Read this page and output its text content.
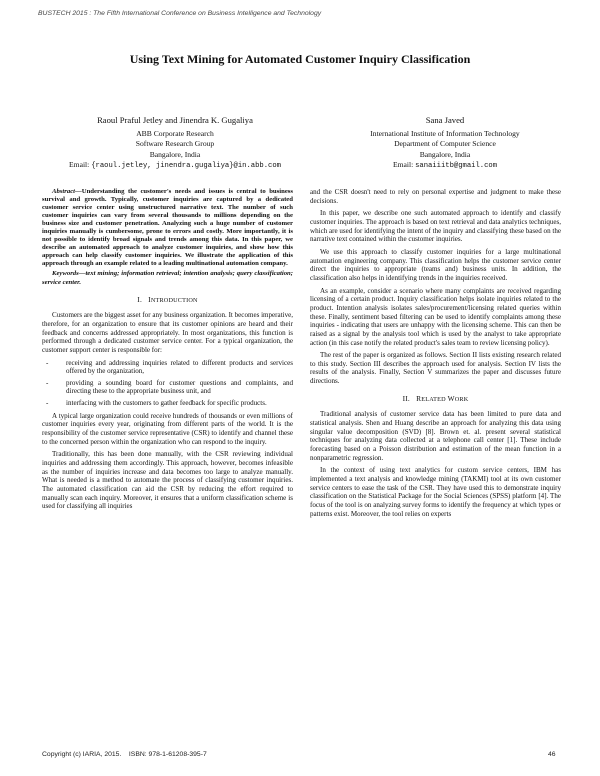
BUSTECH 2015 : The Fifth International Conference on Business Intelligence and Technology
Using Text Mining for Automated Customer Inquiry Classification
Raoul Praful Jetley and Jinendra K. Gugaliya
ABB Corporate Research
Software Research Group
Bangalore, India
Email: {raoul.jetley, jinendra.gugaliya}@in.abb.com
Sana Javed
International Institute of Information Technology
Department of Computer Science
Bangalore, India
Email: sanaiiitb@gmail.com
Abstract—Understanding the customer's needs and issues is central to business survival and growth. Typically, customer inquiries are captured by a dedicated customer service center using unstructured narrative text. The number of such customer inquiries can vary from several thousands to millions depending on the business size and customer penetration. Analyzing such a huge number of customer inquiries manually is cumbersome, prone to errors and costly. More importantly, it is not possible to identify broad signals and trends among this data. In this paper, we describe an automated approach to analyze customer inquiries, and show how this approach can help classify customer inquiries. We illustrate the application of this approach through an example related to a leading multinational automation company.
Keywords—text mining; information retrieval; intention analysis; query classification; service center.
I. INTRODUCTION

Customers are the biggest asset for any business organization. It becomes imperative, therefore, for an organization to ensure that its customer opinions are heard and their feedback and concerns addressed appropriately. In most organizations, this function is performed through a dedicated customer service center. For a typical organization, the customer support center is responsible for:

-	receiving and addressing inquiries related to different products and services offered by the organization,
-	providing a sounding board for customer questions and complaints, and directing these to the appropriate business unit, and
-	interfacing with the customers to gather feedback for specific products.

A typical large organization could receive hundreds of thousands or even millions of customer inquiries every year, originating from different parts of the world. It is the responsibility of the customer service representative (CSR) to identify and channel these to the concerned person within the organization who can respond to the inquiry.

Traditionally, this has been done manually, with the CSR reviewing individual inquiries and addressing them accordingly. This approach, however, becomes infeasible as the number of inquiries increase and data becomes too large to analyze manually. What is needed is a method to automate the process of classifying customer inquiries. The automated classification can aid the CSR by reducing the effort required to manually scan each inquiry. Moreover, it ensures that a uniform classification scheme is used for classifying all inquiries

and the CSR doesn't need to rely on personal expertise and judgment to make these decisions.

In this paper, we describe one such automated approach to identify and classify customer inquiries. The approach is based on text retrieval and data analytics techniques, which are used for identifying the intent of the inquiry and classifying these based on the narrative text contained within the customer inquiries.

We use this approach to classify customer inquiries for a large multinational automation engineering company. This classification helps the customer service center direct the inquiries to appropriate (teams and) business units. In addition, the classification also helps in identifying trends in the inquiries received.

As an example, consider a scenario where many complaints are received regarding licensing of a certain product. Inquiry classification helps isolate inquiries related to the product. Intention analysis isolates sales/procurement/licensing related queries within these. Finally, sentiment based filtering can be used to identify complaints among these inquiries - indicating that users are unhappy with the licensing scheme. This can then be raised as a signal by the analysis tool which is used by the analyst to take appropriate action (in this case notify the related product's sales team to review licensing policy).

The rest of the paper is organized as follows. Section II lists existing research related to this study. Section III describes the approach used for analysis. Section IV lists the results of the analysis. Finally, Section V summarizes the paper and discusses future directions.

II. RELATED WORK

Traditional analysis of customer service data has been limited to pure data and statistical analysis. Shen and Huang describe an approach for analyzing this data using singular value decomposition (SVD) [8]. Brown et. al. present several statistical techniques for analyzing data collected at a telephone call center [1]. These include forecasting based on a Poisson distribution and estimation of the mean function in a nonparametric regression.

In the context of using text analytics for custom service centers, IBM has implemented a text analysis and knowledge mining (TAKMI) tool at its own customer service centers to ease the task of the CSR. They have used this to demonstrate inquiry classification on the Statistical Package for the Social Sciences (SPSS) platform [4]. The focus of the tool is on analyzing survey forms to identify the frequency at which types or patterns exist. Moreover, the tool relies on experts

Copyright (c) IARIA, 2015. ISBN: 978-1-61208-395-7	46
